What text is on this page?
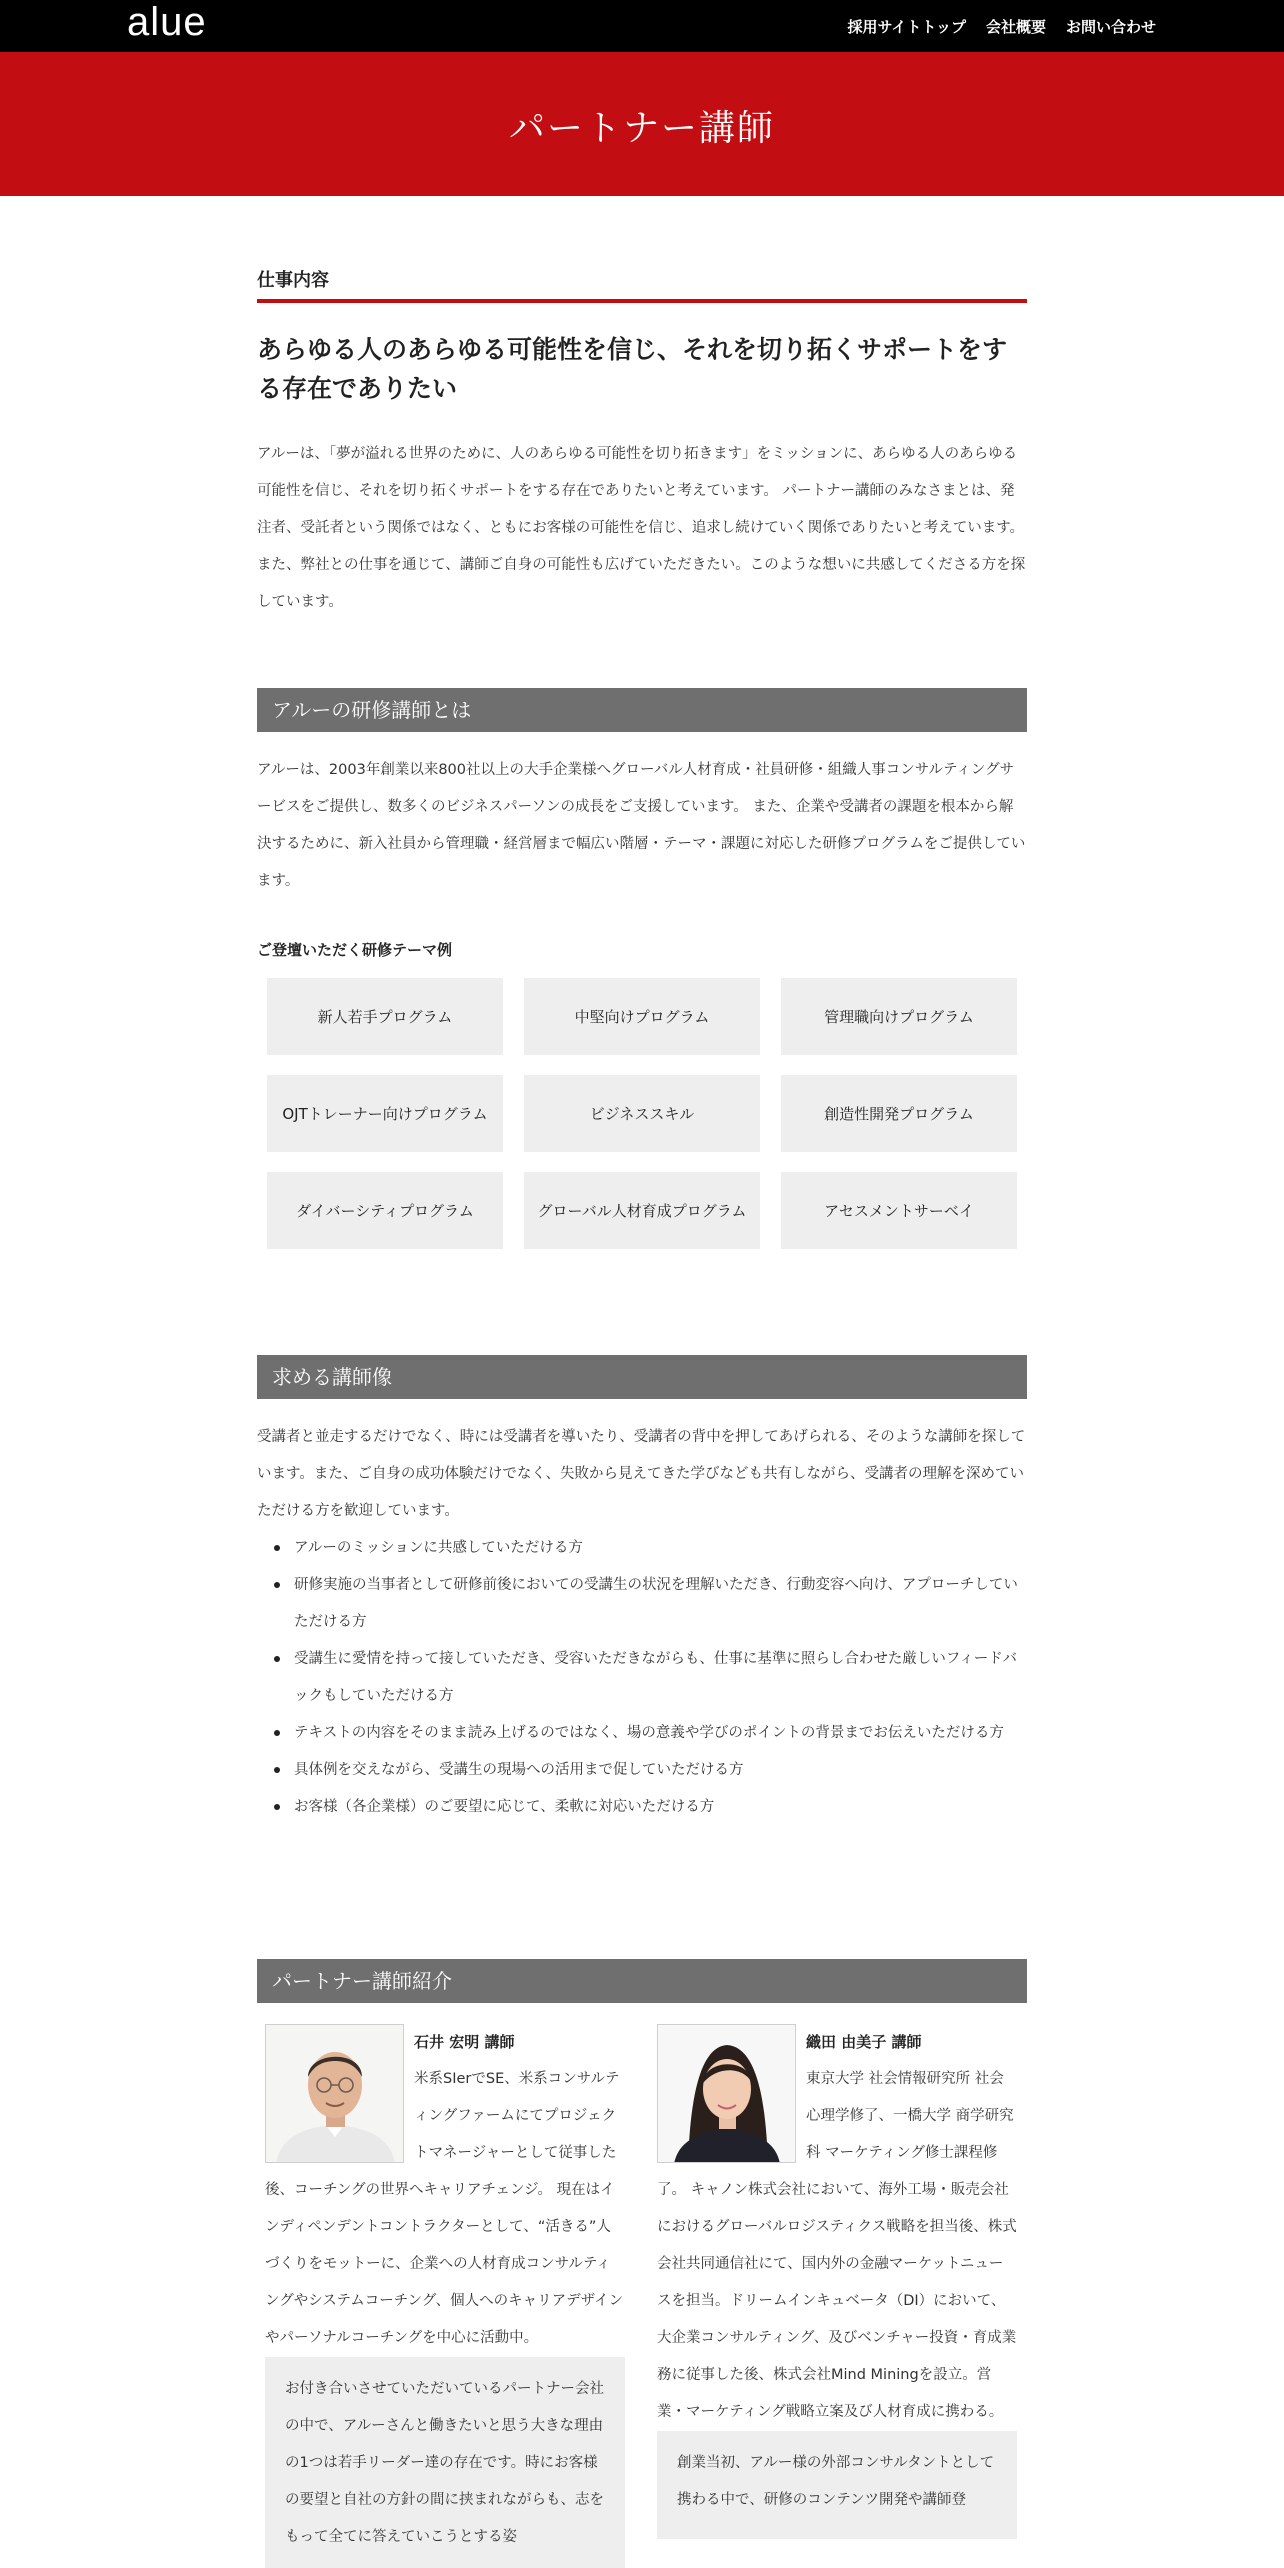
alue	採用サイトトップ 会社概要 お問い合わせ
パートナー講師
仕事内容
あらゆる人のあらゆる可能性を信じ、それを切り拓くサポートをする存在でありたい

アルーは、「夢が溢れる世界のために、人のあらゆる可能性を切り拓きます」をミッションに、あらゆる人のあらゆる可能性を信じ、それを切り拓くサポートをする存在でありたいと考えています。 パートナー講師のみなさまとは、発注者、受託者という関係ではなく、ともにお客様の可能性を信じ、追求し続けていく関係でありたいと考えています。 また、弊社との仕事を通じて、講師ご自身の可能性も広げていただきたい。このような想いに共感してくださる方を探しています。

アルーの研修講師とは

アルーは、2003年創業以来800社以上の大手企業様へグローバル人材育成・社員研修・組織人事コンサルティングサービスをご提供し、数多くのビジネスパーソンの成長をご支援しています。 また、企業や受講者の課題を根本から解決するために、新入社員から管理職・経営層まで幅広い階層・テーマ・課題に対応した研修プログラムをご提供しています。

ご登壇いただく研修テーマ例
新人若手プログラム	中堅向けプログラム	管理職向けプログラム
OJTトレーナー向けプログラム	ビジネススキル	創造性開発プログラム
ダイバーシティプログラム	グローバル人材育成プログラム	アセスメントサーベイ
求める講師像

受講者と並走するだけでなく、時には受講者を導いたり、受講者の背中を押してあげられる、そのような講師を探しています。また、ご自身の成功体験だけでなく、失敗から見えてきた学びなども共有しながら、受講者の理解を深めていただける方を歓迎しています。

アルーのミッションに共感していただける方
研修実施の当事者として研修前後においての受講生の状況を理解いただき、行動変容へ向け、アプローチしていただける方
受講生に愛情を持って接していただき、受容いただきながらも、仕事に基準に照らし合わせた厳しいフィードバックもしていただける方
テキストの内容をそのまま読み上げるのではなく、場の意義や学びのポイントの背景までお伝えいただける方
具体例を交えながら、受講生の現場への活用まで促していただける方
お客様（各企業様）のご要望に応じて、柔軟に対応いただける方
パートナー講師紹介
石井 宏明 講師
米系SIerでSE、米系コンサルティングファームにてプロジェクトマネージャーとして従事した後、コーチングの世界へキャリアチェンジ。 現在はインディペンデントコントラクターとして、“活きる”人づくりをモットーに、企業への人材育成コンサルティングやシステムコーチング、個人へのキャリアデザインやパーソナルコーチングを中心に活動中。
お付き合いさせていただいているパートナー会社の中で、アルーさんと働きたいと思う大きな理由の1つは若手リーダー達の存在です。時にお客様の要望と自社の方針の間に挟まれながらも、志をもって全てに答えていこうとする姿
織田 由美子 講師
東京大学 社会情報研究所 社会心理学修了、一橋大学 商学研究科 マーケティング修士課程修了。 キャノン株式会社において、海外工場・販売会社におけるグローバルロジスティクス戦略を担当後、株式会社共同通信社にて、国内外の金融マーケットニュースを担当。ドリームインキュベータ（DI）において、大企業コンサルティング、及びベンチャー投資・育成業務に従事した後、株式会社Mind Miningを設立。営業・マーケティング戦略立案及び人材育成に携わる。
創業当初、アルー様の外部コンサルタントとして携わる中で、研修のコンテンツ開発や講師登
